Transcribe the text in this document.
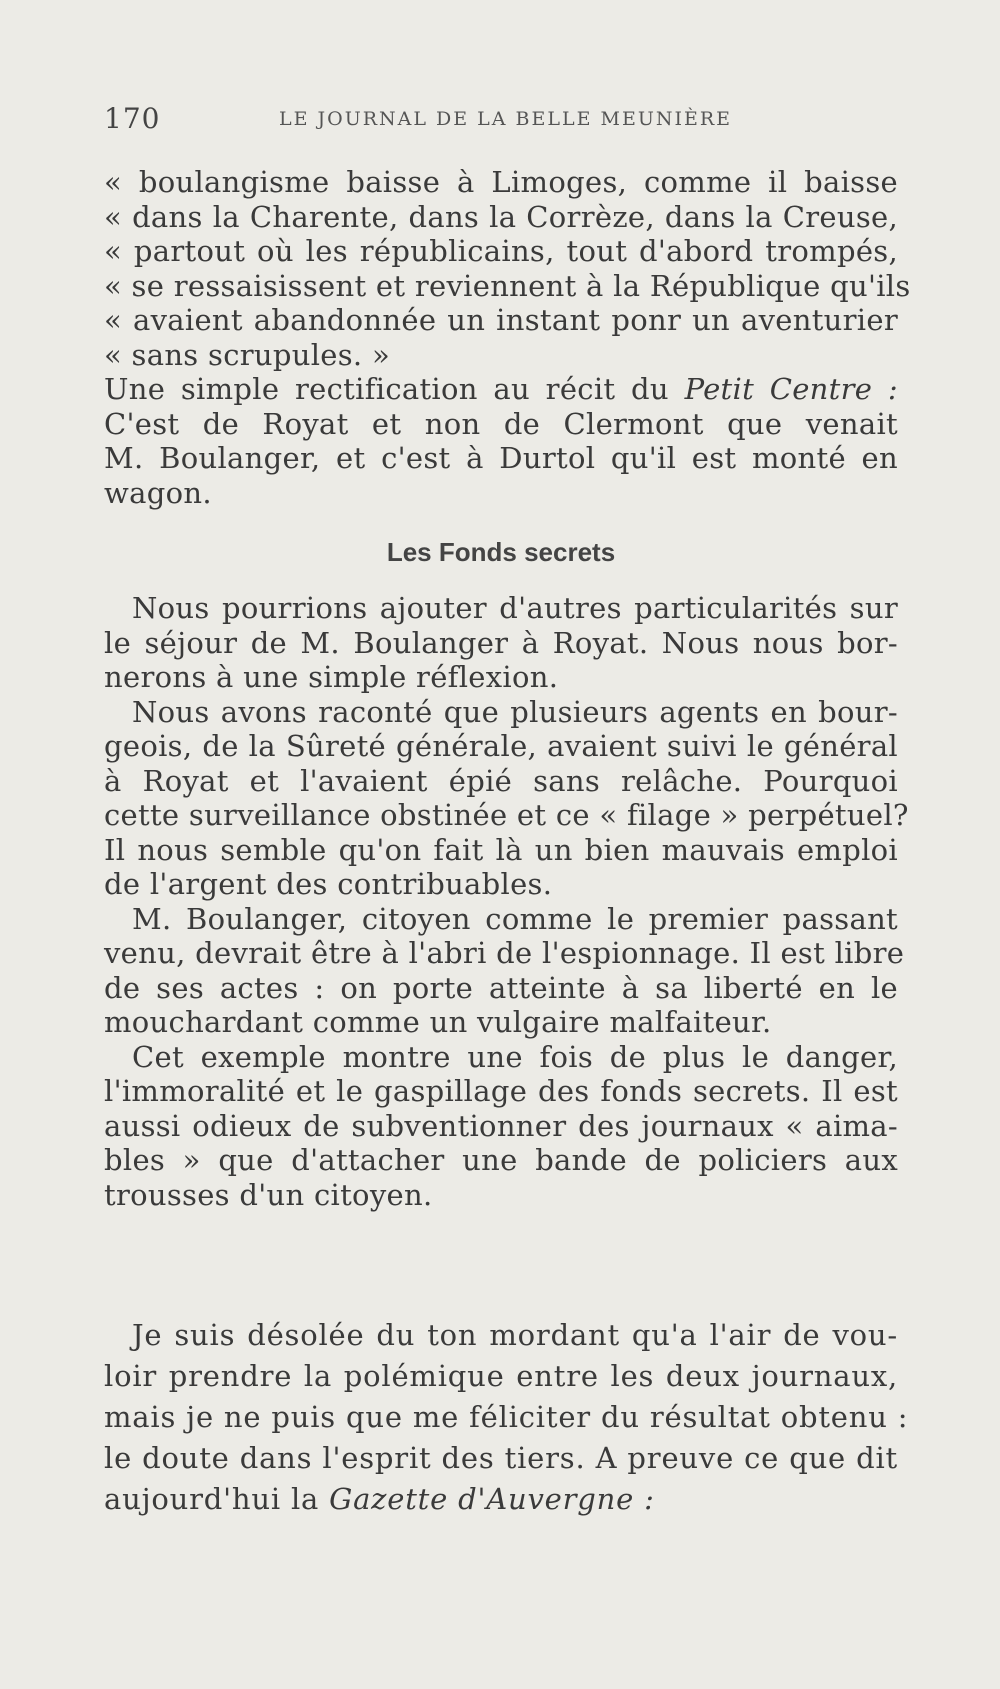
170	LE JOURNAL DE LA BELLE MEUNIÈRE
« boulangisme baisse à Limoges, comme il baisse
« dans la Charente, dans la Corrèze, dans la Creuse,
« partout où les républicains, tout d'abord trompés,
« se ressaisissent et reviennent à la République qu'ils
« avaient abandonnée un instant ponr un aventurier
« sans scrupules. »
Une simple rectification au récit du Petit Centre :
C'est de Royat et non de Clermont que venait
M. Boulanger, et c'est à Durtol qu'il est monté en
wagon.
Les Fonds secrets
Nous pourrions ajouter d'autres particularités sur
le séjour de M. Boulanger à Royat. Nous nous bor-
nerons à une simple réflexion.
Nous avons raconté que plusieurs agents en bour-
geois, de la Sûreté générale, avaient suivi le général
à Royat et l'avaient épié sans relâche. Pourquoi
cette surveillance obstinée et ce « filage » perpétuel?
Il nous semble qu'on fait là un bien mauvais emploi
de l'argent des contribuables.
M. Boulanger, citoyen comme le premier passant
venu, devrait être à l'abri de l'espionnage. Il est libre
de ses actes : on porte atteinte à sa liberté en le
mouchardant comme un vulgaire malfaiteur.
Cet exemple montre une fois de plus le danger,
l'immoralité et le gaspillage des fonds secrets. Il est
aussi odieux de subventionner des journaux « aima-
bles » que d'attacher une bande de policiers aux
trousses d'un citoyen.
Je suis désolée du ton mordant qu'a l'air de vou-
loir prendre la polémique entre les deux journaux,
mais je ne puis que me féliciter du résultat obtenu :
le doute dans l'esprit des tiers. A preuve ce que dit
aujourd'hui la Gazette d'Auvergne :
